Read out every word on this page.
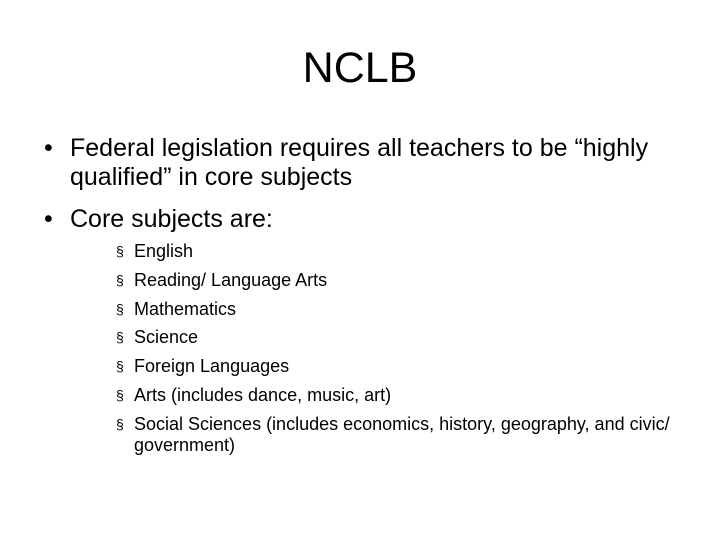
NCLB
• Federal legislation requires all teachers to be “highly qualified” in core subjects
• Core subjects are:
§ English
§ Reading/ Language Arts
§ Mathematics
§ Science
§ Foreign Languages
§ Arts (includes dance, music, art)
§ Social Sciences (includes economics, history, geography, and civic/ government)
